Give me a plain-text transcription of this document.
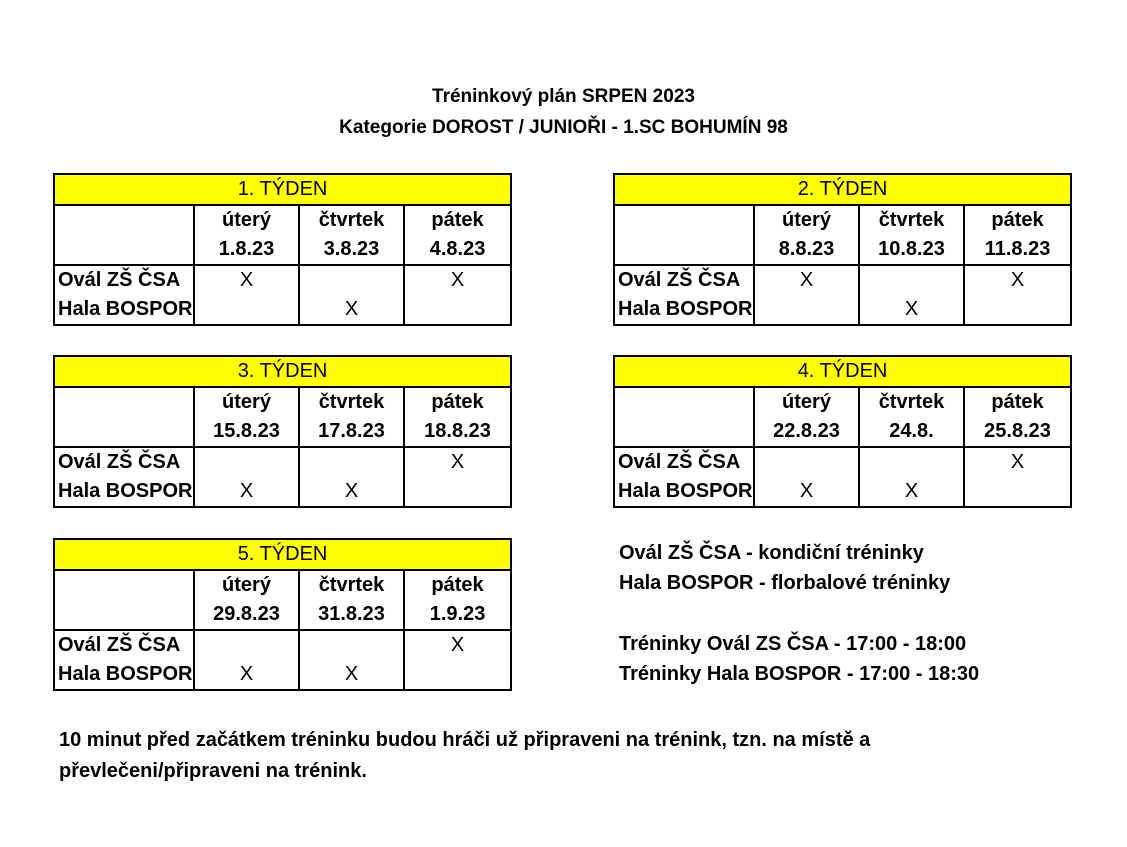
Tréninkový plán SRPEN 2023
Kategorie DOROST / JUNIOŘI - 1.SC BOHUMÍN 98
1. TÝDEN			
	úterý	čtvrtek	pátek
	1.8.23	3.8.23	4.8.23
Ovál ZŠ ČSA	X		X
Hala BOSPOR		X	
2. TÝDEN			
	úterý	čtvrtek	pátek
	8.8.23	10.8.23	11.8.23
Ovál ZŠ ČSA	X		X
Hala BOSPOR		X	
3. TÝDEN			
	úterý	čtvrtek	pátek
	15.8.23	17.8.23	18.8.23
Ovál ZŠ ČSA			X
Hala BOSPOR	X	X	
4. TÝDEN			
	úterý	čtvrtek	pátek
	22.8.23	24.8.	25.8.23
Ovál ZŠ ČSA			X
Hala BOSPOR	X	X	
5. TÝDEN			
	úterý	čtvrtek	pátek
	29.8.23	31.8.23	1.9.23
Ovál ZŠ ČSA			X
Hala BOSPOR	X	X	
Ovál ZŠ ČSA - kondiční tréninky
Hala BOSPOR - florbalové tréninky
Tréninky Ovál ZS ČSA - 17:00 - 18:00
Tréninky Hala BOSPOR - 17:00 - 18:30
10 minut před začátkem tréninku budou hráči už připraveni na trénink, tzn. na místě a
převlečeni/připraveni na trénink.
